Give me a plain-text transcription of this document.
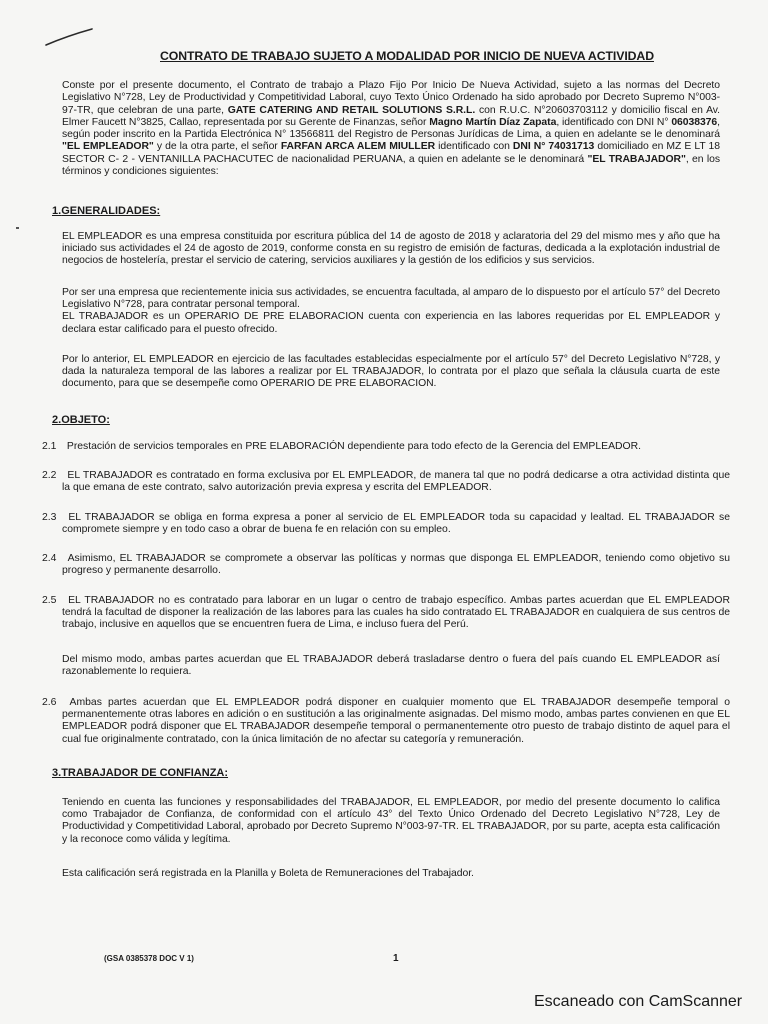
CONTRATO DE TRABAJO SUJETO A MODALIDAD POR INICIO DE NUEVA ACTIVIDAD
Conste por el presente documento, el Contrato de trabajo a Plazo Fijo Por Inicio De Nueva Actividad, sujeto a las normas del Decreto Legislativo N°728, Ley de Productividad y Competitividad Laboral, cuyo Texto Único Ordenado ha sido aprobado por Decreto Supremo N°003-97-TR, que celebran de una parte, GATE CATERING AND RETAIL SOLUTIONS S.R.L. con R.U.C. N°20603703112 y domicilio fiscal en Av. Elmer Faucett N°3825, Callao, representada por su Gerente de Finanzas, señor Magno Martín Díaz Zapata, identificado con DNI N° 06038376, según poder inscrito en la Partida Electrónica N° 13566811 del Registro de Personas Jurídicas de Lima, a quien en adelante se le denominará "EL EMPLEADOR" y de la otra parte, el señor FARFAN ARCA ALEM MIULLER identificado con DNI N° 74031713 domiciliado en MZ E LT 18 SECTOR C- 2 - VENTANILLA PACHACUTEC de nacionalidad PERUANA, a quien en adelante se le denominará "EL TRABAJADOR", en los términos y condiciones siguientes:
1.GENERALIDADES:
EL EMPLEADOR es una empresa constituida por escritura pública del 14 de agosto de 2018 y aclaratoria del 29 del mismo mes y año que ha iniciado sus actividades el 24 de agosto de 2019, conforme consta en su registro de emisión de facturas, dedicada a la explotación industrial de negocios de hostelería, prestar el servicio de catering, servicios auxiliares y la gestión de los edificios y sus servicios.

Por ser una empresa que recientemente inicia sus actividades, se encuentra facultada, al amparo de lo dispuesto por el artículo 57° del Decreto Legislativo N°728, para contratar personal temporal.

EL TRABAJADOR es un OPERARIO DE PRE ELABORACION cuenta con experiencia en las labores requeridas por EL EMPLEADOR y declara estar calificado para el puesto ofrecido.

Por lo anterior, EL EMPLEADOR en ejercicio de las facultades establecidas especialmente por el artículo 57° del Decreto Legislativo N°728, y dada la naturaleza temporal de las labores a realizar por EL TRABAJADOR, lo contrata por el plazo que señala la cláusula cuarta de este documento, para que se desempeñe como OPERARIO DE PRE ELABORACION.
2.OBJETO:
2.1 Prestación de servicios temporales en PRE ELABORACIÓN dependiente para todo efecto de la Gerencia del EMPLEADOR.
2.2 EL TRABAJADOR es contratado en forma exclusiva por EL EMPLEADOR, de manera tal que no podrá dedicarse a otra actividad distinta que la que emana de este contrato, salvo autorización previa expresa y escrita del EMPLEADOR.
2.3 EL TRABAJADOR se obliga en forma expresa a poner al servicio de EL EMPLEADOR toda su capacidad y lealtad. EL TRABAJADOR se compromete siempre y en todo caso a obrar de buena fe en relación con su empleo.
2.4 Asimismo, EL TRABAJADOR se compromete a observar las políticas y normas que disponga EL EMPLEADOR, teniendo como objetivo su progreso y permanente desarrollo.
2.5 EL TRABAJADOR no es contratado para laborar en un lugar o centro de trabajo específico. Ambas partes acuerdan que EL EMPLEADOR tendrá la facultad de disponer la realización de las labores para las cuales ha sido contratado EL TRABAJADOR en cualquiera de sus centros de trabajo, inclusive en aquellos que se encuentren fuera de Lima, e incluso fuera del Perú.
Del mismo modo, ambas partes acuerdan que EL TRABAJADOR deberá trasladarse dentro o fuera del país cuando EL EMPLEADOR así razonablemente lo requiera.
2.6 Ambas partes acuerdan que EL EMPLEADOR podrá disponer en cualquier momento que EL TRABAJADOR desempeñe temporal o permanentemente otras labores en adición o en sustitución a las originalmente asignadas. Del mismo modo, ambas partes convienen en que EL EMPLEADOR podrá disponer que EL TRABAJADOR desempeñe temporal o permanentemente otro puesto de trabajo distinto de aquel para el cual fue originalmente contratado, con la única limitación de no afectar su categoría y remuneración.
3.TRABAJADOR DE CONFIANZA:
Teniendo en cuenta las funciones y responsabilidades del TRABAJADOR, EL EMPLEADOR, por medio del presente documento lo califica como Trabajador de Confianza, de conformidad con el artículo 43° del Texto Único Ordenado del Decreto Legislativo N°728, Ley de Productividad y Competitividad Laboral, aprobado por Decreto Supremo N°003-97-TR. EL TRABAJADOR, por su parte, acepta esta calificación y la reconoce como válida y legítima.
Esta calificación será registrada en la Planilla y Boleta de Remuneraciones del Trabajador.
(GSA 0385378 DOC V 1)	1
Escaneado con CamScanner
